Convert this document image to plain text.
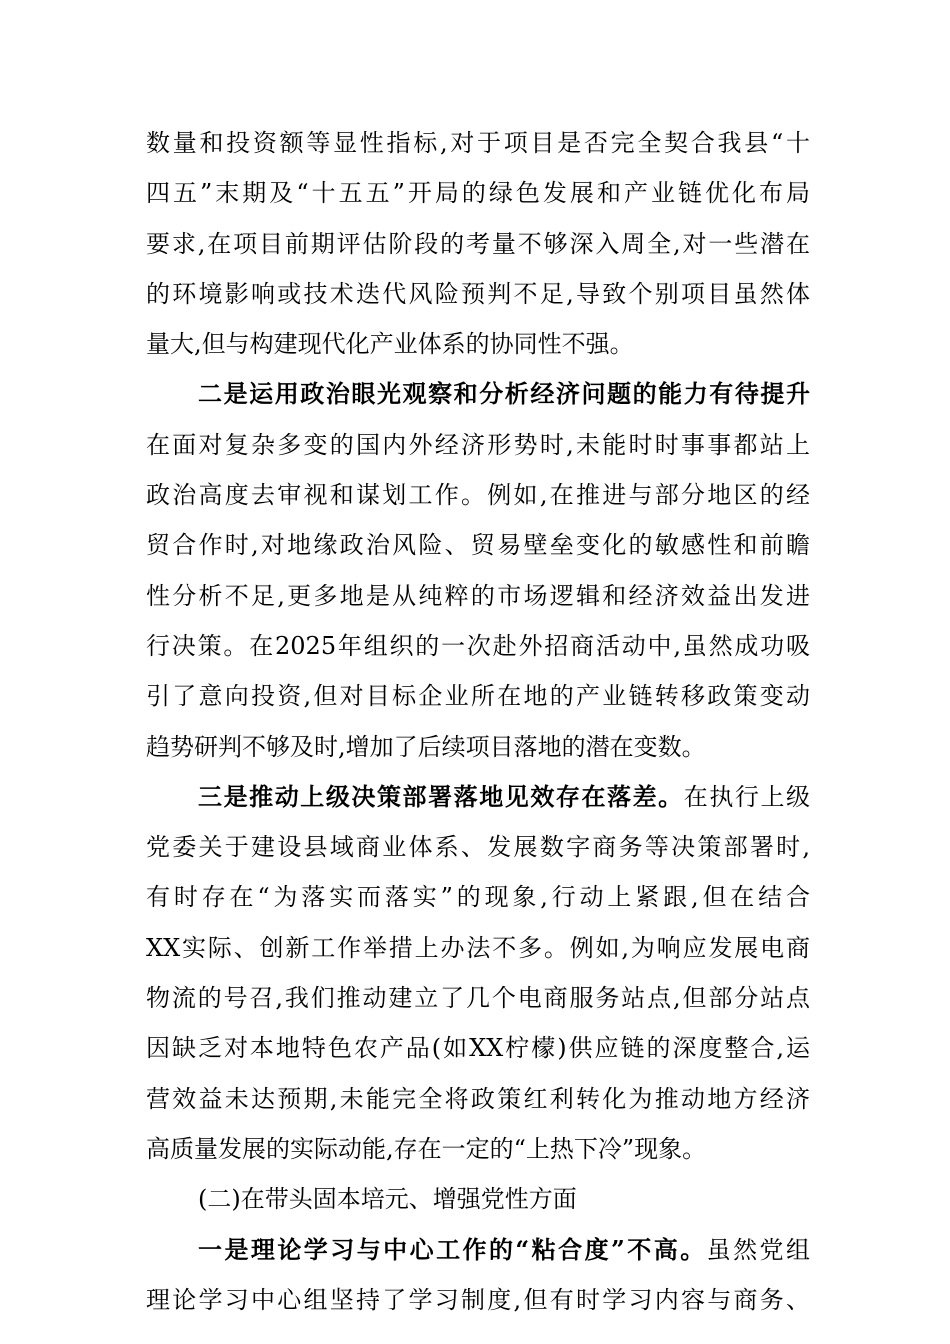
数量和投资额等显性指标,对于项目是否完全契合我县“十
四五”末期及“十五五”开局的绿色发展和产业链优化布局
要求,在项目前期评估阶段的考量不够深入周全,对一些潜在
的环境影响或技术迭代风险预判不足,导致个别项目虽然体
量大,但与构建现代化产业体系的协同性不强。
二是运用政治眼光观察和分析经济问题的能力有待提升
在面对复杂多变的国内外经济形势时,未能时时事事都站上
政治高度去审视和谋划工作。例如,在推进与部分地区的经
贸合作时,对地缘政治风险、贸易壁垒变化的敏感性和前瞻
性分析不足,更多地是从纯粹的市场逻辑和经济效益出发进
行决策。在2025年组织的一次赴外招商活动中,虽然成功吸
引了意向投资,但对目标企业所在地的产业链转移政策变动
趋势研判不够及时,增加了后续项目落地的潜在变数。
三是推动上级决策部署落地见效存在落差。在执行上级
党委关于建设县域商业体系、发展数字商务等决策部署时,
有时存在“为落实而落实”的现象,行动上紧跟,但在结合
XX实际、创新工作举措上办法不多。例如,为响应发展电商
物流的号召,我们推动建立了几个电商服务站点,但部分站点
因缺乏对本地特色农产品(如XX柠檬)供应链的深度整合,运
营效益未达预期,未能完全将政策红利转化为推动地方经济
高质量发展的实际动能,存在一定的“上热下冷”现象。
(二)在带头固本培元、增强党性方面
一是理论学习与中心工作的“粘合度”不高。虽然党组
理论学习中心组坚持了学习制度,但有时学习内容与商务、
